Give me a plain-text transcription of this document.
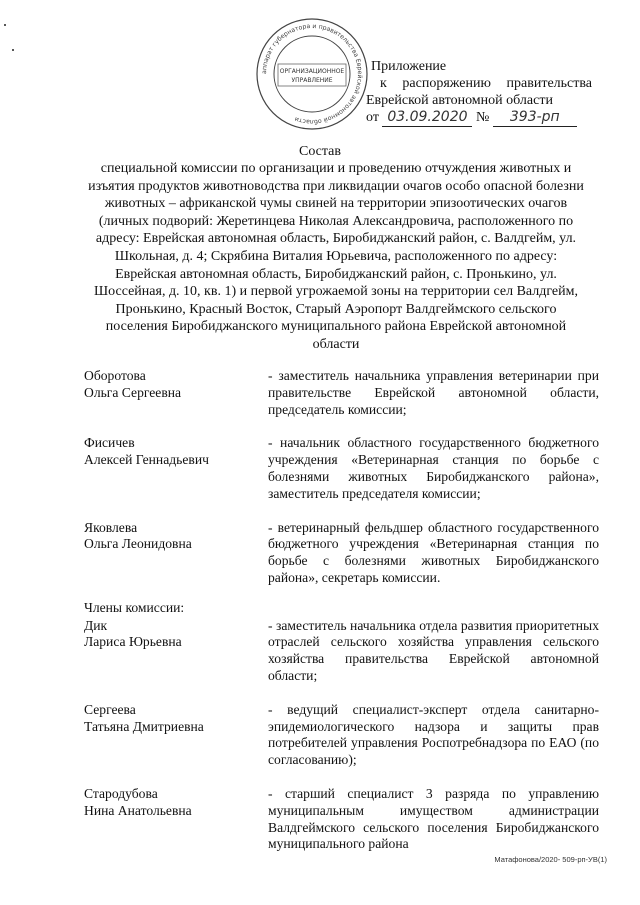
аппарат губернатора и правительства Еврейской автономной области
ОРГАНИЗАЦИОННОЕ
УПРАВЛЕНИЕ
Приложение
к распоряжению правительства
Еврейской автономной области
от
03.09.2020
№
	393-рп
Состав
специальной комиссии по организации и проведению отчуждения животных и изъятия продуктов животноводства при ликвидации очагов особо опасной болезни животных – африканской чумы свиней на территории эпизоотических очагов (личных подворий: Жеретинцева Николая Александровича, расположенного по адресу: Еврейская автономная область, Биробиджанский район, с. Валдгейм, ул. Школьная, д. 4; Скрябина Виталия Юрьевича, расположенного по адресу: Еврейская автономная область, Биробиджанский район, с. Пронькино, ул. Шоссейная, д. 10, кв. 1) и первой угрожаемой зоны на территории сел Валдгейм, Пронькино, Красный Восток, Старый Аэропорт Валдгеймского сельского поселения Биробиджанского муниципального района Еврейской автономной области
Оборотова
Ольга Сергеевна
- заместитель начальника управления ветеринарии при правительстве Еврейской автономной области, председатель комиссии;
Фисичев
Алексей Геннадьевич
- начальник областного государственного бюджетного учреждения «Ветеринарная станция по борьбе с болезнями животных Биробиджанского района», заместитель председателя комиссии;
Яковлева
Ольга Леонидовна
- ветеринарный фельдшер областного государственного бюджетного учреждения «Ветеринарная станция по борьбе с болезнями животных Биробиджанского района», секретарь комиссии.
Члены комиссии:
Дик
Лариса Юрьевна
- заместитель начальника отдела развития приоритетных отраслей сельского хозяйства управления сельского хозяйства правительства Еврейской автономной области;
Сергеева
Татьяна Дмитриевна
- ведущий специалист-эксперт отдела санитарно-эпидемиологического надзора и защиты прав потребителей управления Роспотребнадзора по ЕАО (по согласованию);
Стародубова
Нина Анатольевна
- старший специалист 3 разряда по управлению муниципальным имуществом администрации Валдгеймского сельского поселения Биробиджанского муниципального района
Матафонова/2020- 509-рп-УВ(1)
